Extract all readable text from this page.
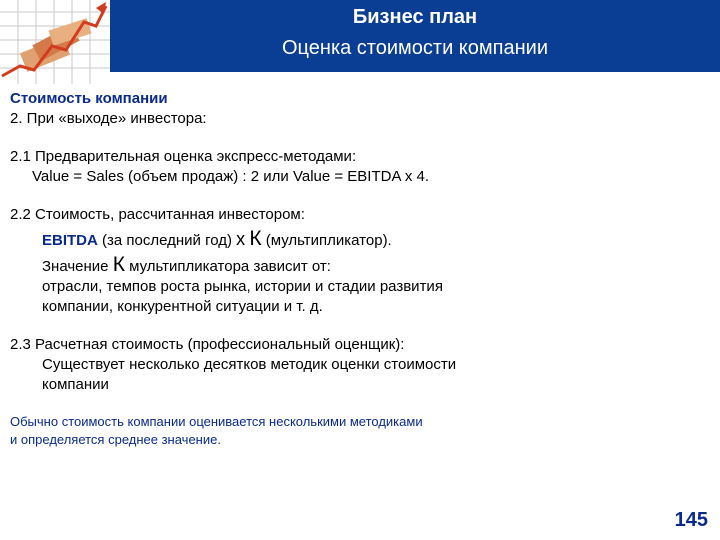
Бизнес план
Оценка стоимости компании
Стоимость компании
2. При «выходе» инвестора:
2.1 Предварительная оценка экспресс-методами:
Value = Sales (объем продаж) : 2 или Value = EBITDA x 4.
2.2 Стоимость, рассчитанная инвестором:
EBITDA (за последний год) х К (мультипликатор).
Значение К мультипликатора зависит от:
отрасли, темпов роста рынка, истории и стадии развития
компании, конкурентной ситуации и т. д.
2.3 Расчетная стоимость (профессиональный оценщик):
Существует несколько десятков методик оценки стоимости
компании
Обычно стоимость компании оценивается несколькими методиками
и определяется среднее значение.
145
